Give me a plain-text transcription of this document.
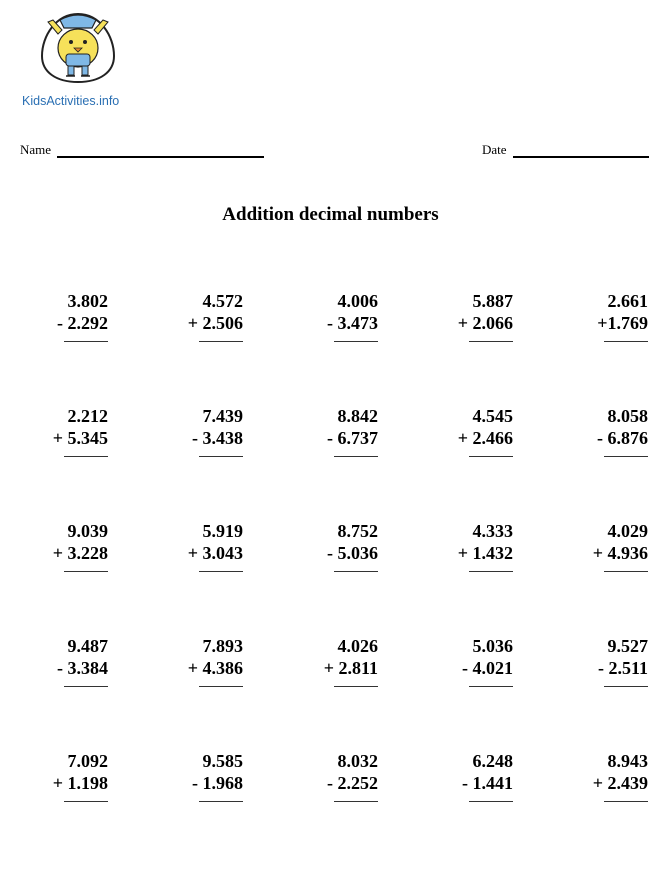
KidsActivities.info
Name	Date
Addition decimal numbers
3.802
- 2.292
4.572
+ 2.506
4.006
- 3.473
5.887
+ 2.066
2.661
+1.769
2.212
+ 5.345
7.439
- 3.438
8.842
- 6.737
4.545
+ 2.466
8.058
- 6.876
9.039
+ 3.228
5.919
+ 3.043
8.752
- 5.036
4.333
+ 1.432
4.029
+ 4.936
9.487
- 3.384
7.893
+ 4.386
4.026
+ 2.811
5.036
- 4.021
9.527
- 2.511
7.092
+ 1.198
9.585
- 1.968
8.032
- 2.252
6.248
- 1.441
8.943
+ 2.439
